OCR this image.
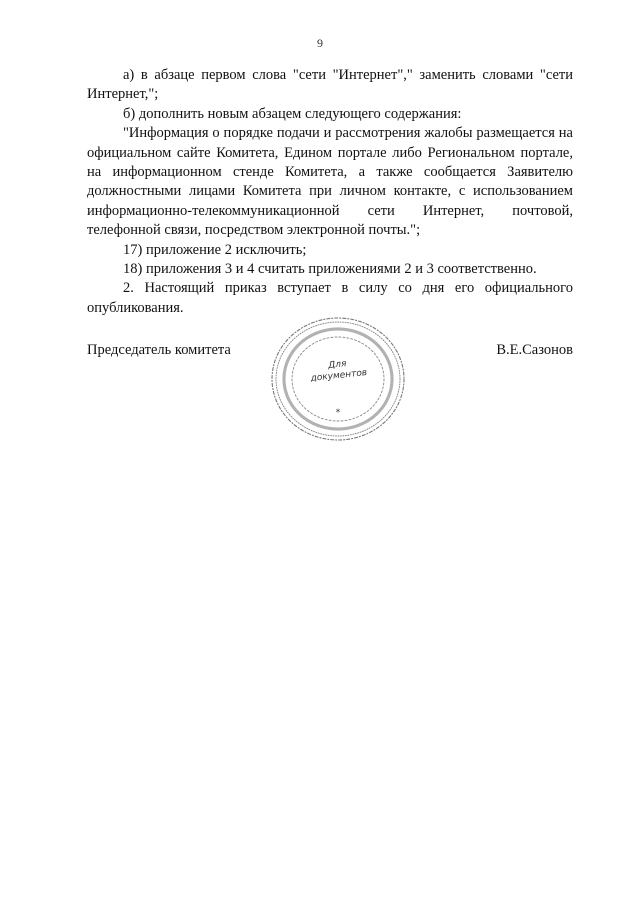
9

а) в абзаце первом слова "сети "Интернет"," заменить словами "сети Интернет,";

б) дополнить новым абзацем следующего содержания:

"Информация о порядке подачи и рассмотрения жалобы размещается на официальном сайте Комитета, Едином портале либо Региональном портале, на информационном стенде Комитета, а также сообщается Заявителю должностными лицами Комитета при личном контакте, с использованием информационно-телекоммуникационной сети Интернет, почтовой, телефонной связи, посредством электронной почты.";

17) приложение 2 исключить;

18) приложения 3 и 4 считать приложениями 2 и 3 соответственно.

2. Настоящий приказ вступает в силу со дня его официального опубликования.

Председатель комитета	В.Е.Сазонов
*
Для
документов
